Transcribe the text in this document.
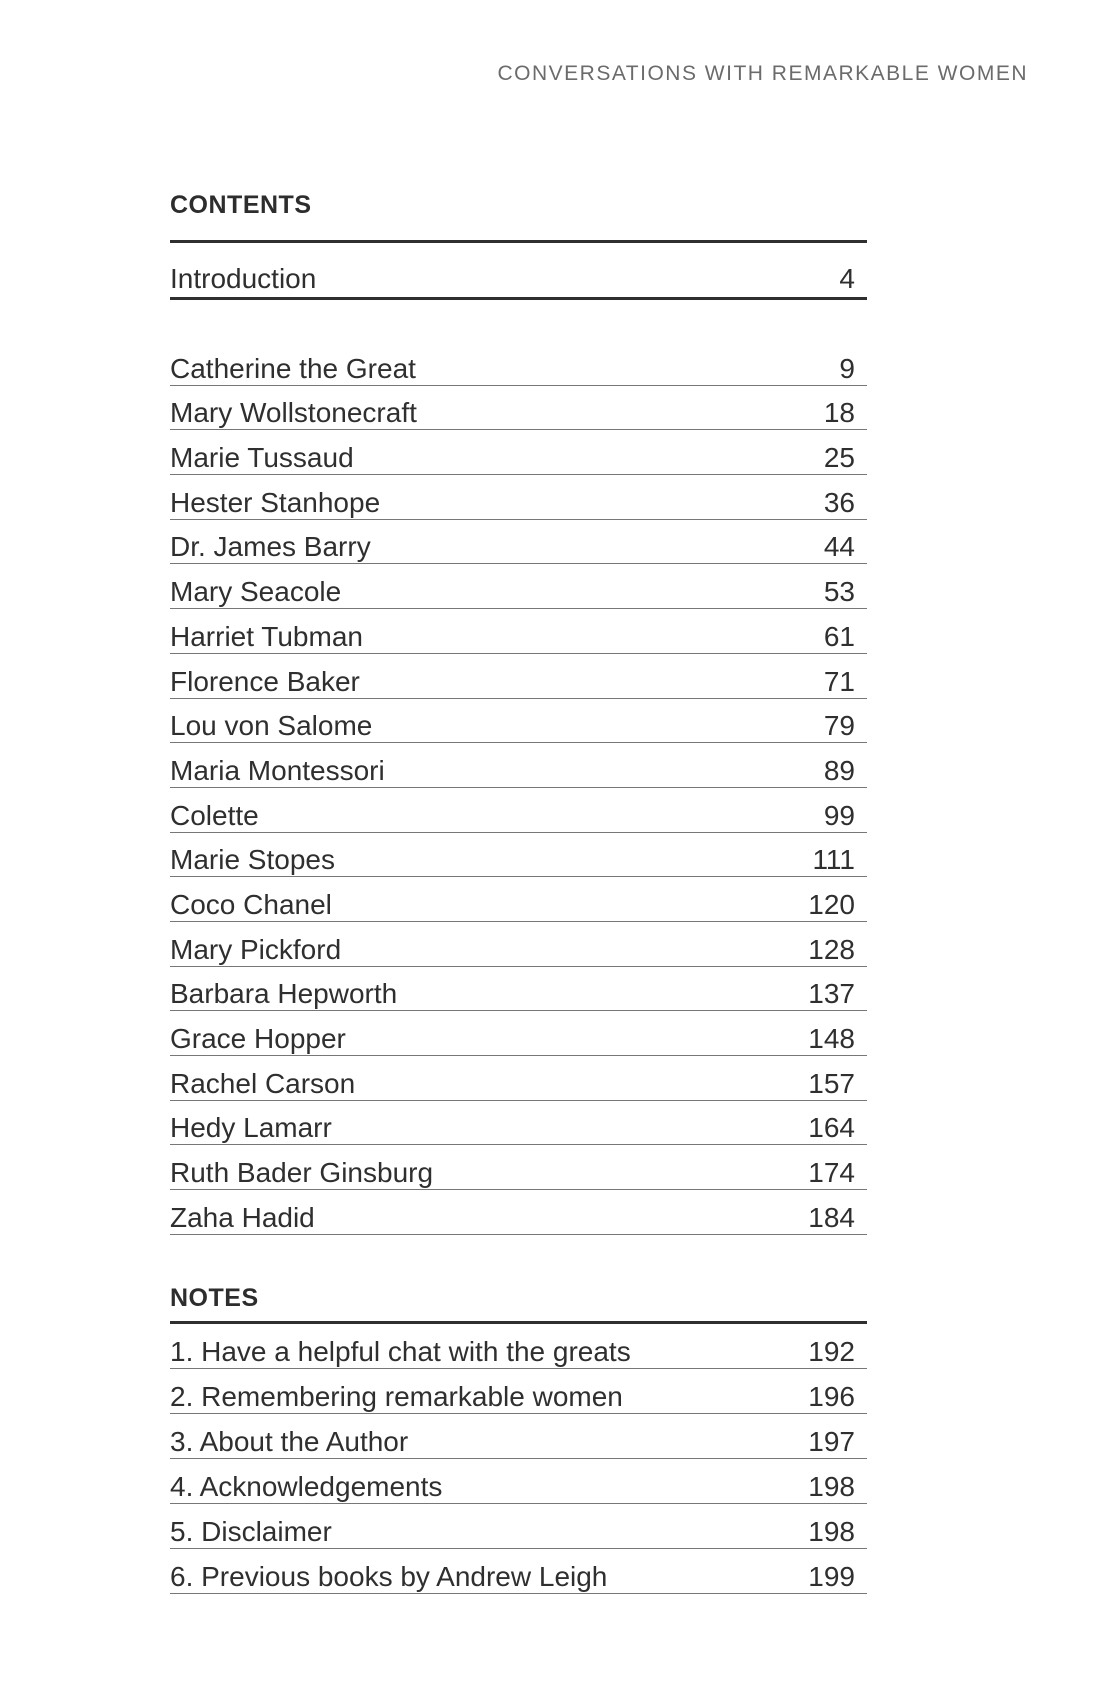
CONVERSATIONS WITH REMARKABLE WOMEN
CONTENTS
Introduction	4
Catherine the Great	9
Mary Wollstonecraft	18
Marie Tussaud	25
Hester Stanhope	36
Dr. James Barry	44
Mary Seacole	53
Harriet Tubman	61
Florence Baker	71
Lou von Salome	79
Maria Montessori	89
Colette	99
Marie Stopes	111
Coco Chanel	120
Mary Pickford	128
Barbara Hepworth	137
Grace Hopper	148
Rachel Carson	157
Hedy Lamarr	164
Ruth Bader Ginsburg	174
Zaha Hadid	184
NOTES
1. Have a helpful chat with the greats	192
2. Remembering remarkable women	196
3. About the Author	197
4. Acknowledgements	198
5. Disclaimer	198
6. Previous books by Andrew Leigh	199
